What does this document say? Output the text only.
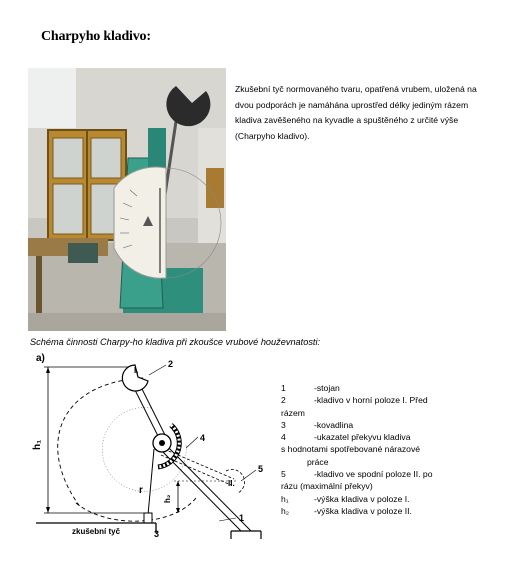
Charpyho kladivo:
Zkušební tyč normovaného tvaru, opatřená vrubem, uložená na dvou podporách je namáhána uprostřed délky jediným rázem kladiva zavěšeného na kyvadle a spuštěného z určité výše (Charpyho kladivo).
Schéma činnosti Charpy-ho kladiva při zkoušce vrubové houževnatosti:
a)
I.
II.
h₁
h₂
r
2
4
5
1
3
zkušební tyč
1	-stojan
2	-kladivo v horní poloze I. Před
rázem
3	-kovadlina
4	-ukazatel překyvu kladiva
s hodnotami spotřebované nárazové
práce
5	-kladivo ve spodní poloze II. po
rázu (maximální překyv)
h₁	-výška kladiva v poloze I.
h₂	-výška kladiva v poloze II.
